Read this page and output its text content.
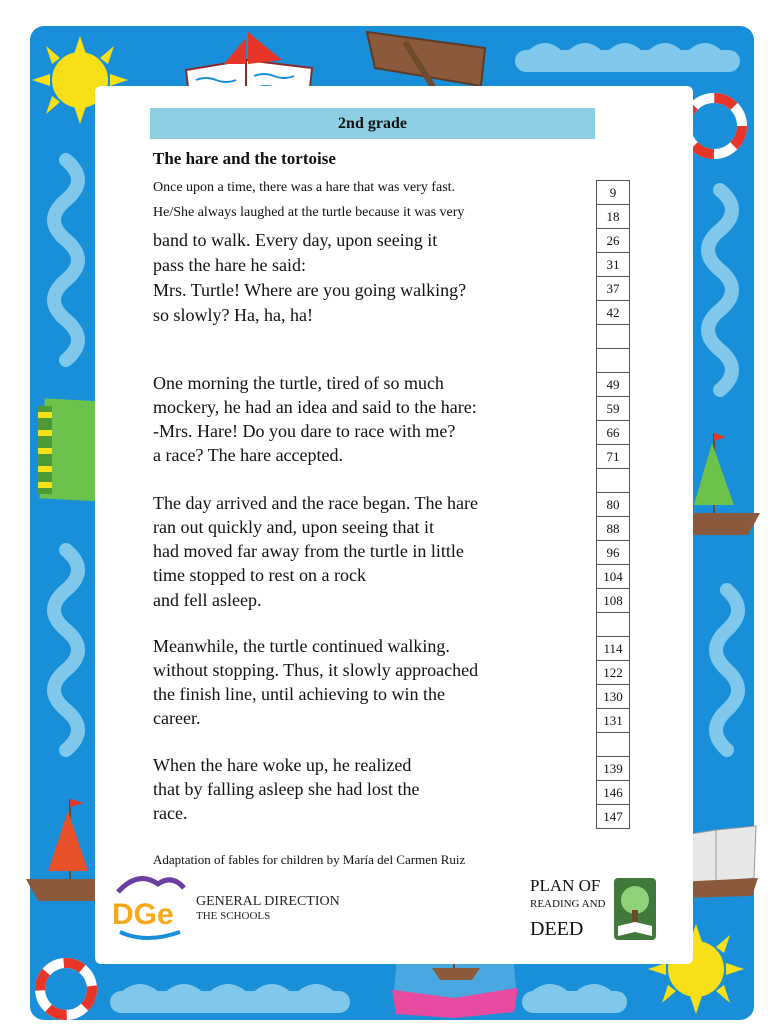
2nd grade
The hare and the tortoise
Once upon a time, there was a hare that was very fast.
He/She always laughed at the turtle because it was very
band to walk. Every day, upon seeing it
pass the hare he said:
Mrs. Turtle! Where are you going walking?
so slowly? Ha, ha, ha!
One morning the turtle, tired of so much
mockery, he had an idea and said to the hare:
-Mrs. Hare! Do you dare to race with me?
a race? The hare accepted.
The day arrived and the race began. The hare
ran out quickly and, upon seeing that it
had moved far away from the turtle in little
time stopped to rest on a rock
and fell asleep.
Meanwhile, the turtle continued walking.
without stopping. Thus, it slowly approached
the finish line, until achieving to win the
career.
When the hare woke up, he realized
that by falling asleep she had lost the
race.
9
18
26
31
37
42
49
59
66
71
80
88
96
104
108
114
122
130
131
139
146
147
Adaptation of fables for children by María del Carmen Ruiz
DGe GENERAL DIRECTION
THE SCHOOLS
PLAN OF
READING AND
DEED
